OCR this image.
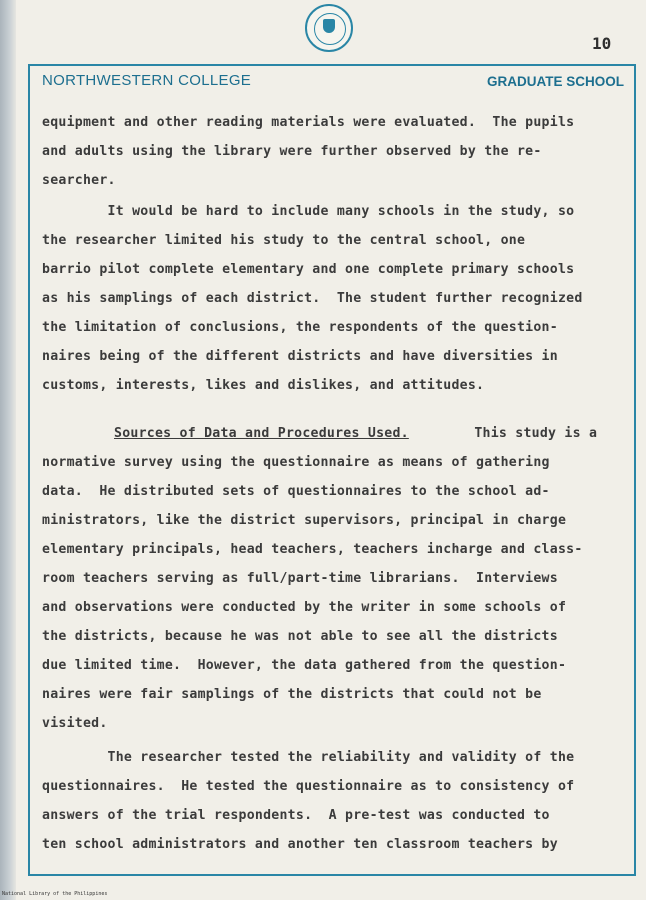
10
NORTHWESTERN COLLEGE	GRADUATE SCHOOL
equipment and other reading materials were evaluated.  The pupils
and adults using the library were further observed by the re-
searcher.
It would be hard to include many schools in the study, so
the researcher limited his study to the central school, one
barrio pilot complete elementary and one complete primary schools
as his samplings of each district.  The student further recognized
the limitation of conclusions, the respondents of the question-
naires being of the different districts and have diversities in
customs, interests, likes and dislikes, and attitudes.
Sources of Data and Procedures Used.        This study is a
normative survey using the questionnaire as means of gathering
data.  He distributed sets of questionnaires to the school ad-
ministrators, like the district supervisors, principal in charge
elementary principals, head teachers, teachers incharge and class-
room teachers serving as full/part-time librarians.  Interviews
and observations were conducted by the writer in some schools of
the districts, because he was not able to see all the districts
due limited time.  However, the data gathered from the question-
naires were fair samplings of the districts that could not be
visited.
The researcher tested the reliability and validity of the
questionnaires.  He tested the questionnaire as to consistency of
answers of the trial respondents.  A pre-test was conducted to
ten school administrators and another ten classroom teachers by
National Library of the Philippines
